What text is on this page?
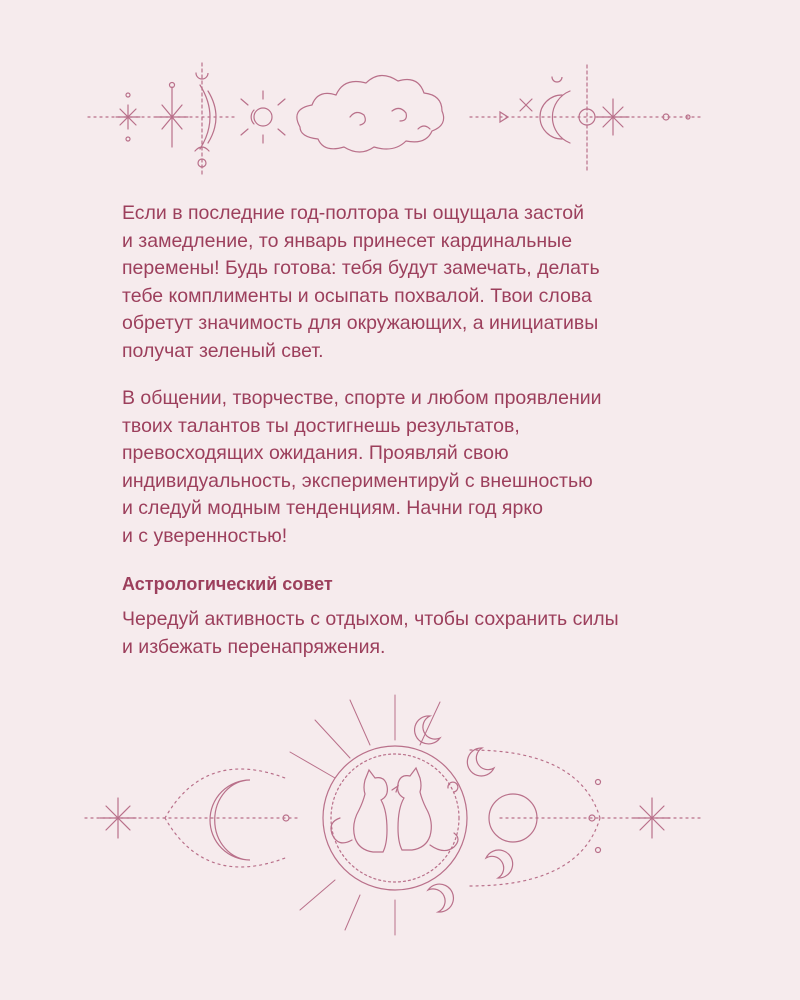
Если в последние год-полтора ты ощущала застой
и замедление, то январь принесет кардинальные
перемены! Будь готова: тебя будут замечать, делать
тебе комплименты и осыпать похвалой. Твои слова
обретут значимость для окружающих, а инициативы
получат зеленый свет.

В общении, творчестве, спорте и любом проявлении
твоих талантов ты достигнешь результатов,
превосходящих ожидания. Проявляй свою
индивидуальность, экспериментируй с внешностью
и следуй модным тенденциям. Начни год ярко
и с уверенностью!

Астрологический совет

Чередуй активность с отдыхом, чтобы сохранить силы
и избежать перенапряжения.
